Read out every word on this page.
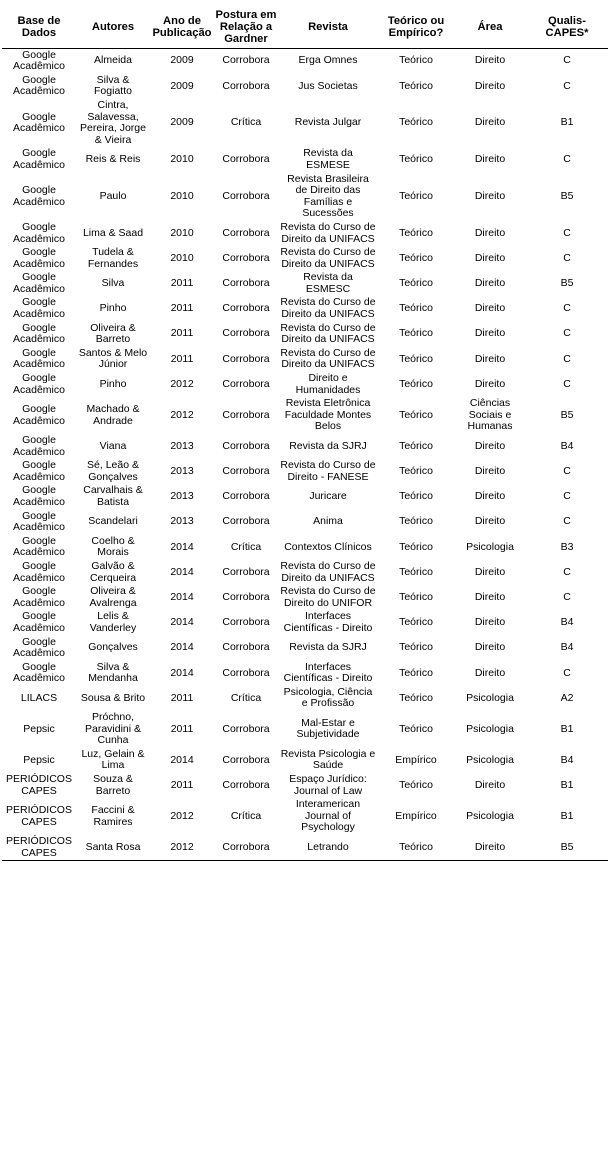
Base de Dados	Autores	Ano de Publicação	Postura em Relação a Gardner	Revista	Teórico ou Empírico?	Área	Qualis-CAPES*
Google Acadêmico	Almeida	2009	Corrobora	Erga Omnes	Teórico	Direito	C
Google Acadêmico	Silva & Fogiatto	2009	Corrobora	Jus Societas	Teórico	Direito	C
Google Acadêmico	Cintra, Salavessa, Pereira, Jorge & Vieira	2009	Crítica	Revista Julgar	Teórico	Direito	B1
Google Acadêmico	Reis & Reis	2010	Corrobora	Revista da ESMESE	Teórico	Direito	C
Google Acadêmico	Paulo	2010	Corrobora	Revista Brasileira de Direito das Famílias e Sucessões	Teórico	Direito	B5
Google Acadêmico	Lima & Saad	2010	Corrobora	Revista do Curso de Direito da UNIFACS	Teórico	Direito	C
Google Acadêmico	Tudela & Fernandes	2010	Corrobora	Revista do Curso de Direito da UNIFACS	Teórico	Direito	C
Google Acadêmico	Silva	2011	Corrobora	Revista da ESMESC	Teórico	Direito	B5
Google Acadêmico	Pinho	2011	Corrobora	Revista do Curso de Direito da UNIFACS	Teórico	Direito	C
Google Acadêmico	Oliveira & Barreto	2011	Corrobora	Revista do Curso de Direito da UNIFACS	Teórico	Direito	C
Google Acadêmico	Santos & Melo Júnior	2011	Corrobora	Revista do Curso de Direito da UNIFACS	Teórico	Direito	C
Google Acadêmico	Pinho	2012	Corrobora	Direito e Humanidades	Teórico	Direito	C
Google Acadêmico	Machado & Andrade	2012	Corrobora	Revista Eletrônica Faculdade Montes Belos	Teórico	Ciências Sociais e Humanas	B5
Google Acadêmico	Viana	2013	Corrobora	Revista da SJRJ	Teórico	Direito	B4
Google Acadêmico	Sé, Leão & Gonçalves	2013	Corrobora	Revista do Curso de Direito - FANESE	Teórico	Direito	C
Google Acadêmico	Carvalhais & Batista	2013	Corrobora	Juricare	Teórico	Direito	C
Google Acadêmico	Scandelari	2013	Corrobora	Anima	Teórico	Direito	C
Google Acadêmico	Coelho & Morais	2014	Crítica	Contextos Clínicos	Teórico	Psicologia	B3
Google Acadêmico	Galvão & Cerqueira	2014	Corrobora	Revista do Curso de Direito da UNIFACS	Teórico	Direito	C
Google Acadêmico	Oliveira & Avalrenga	2014	Corrobora	Revista do Curso de Direito do UNIFOR	Teórico	Direito	C
Google Acadêmico	Lelis & Vanderley	2014	Corrobora	Interfaces Científicas - Direito	Teórico	Direito	B4
Google Acadêmico	Gonçalves	2014	Corrobora	Revista da SJRJ	Teórico	Direito	B4
Google Acadêmico	Silva & Mendanha	2014	Corrobora	Interfaces Científicas - Direito	Teórico	Direito	C
LILACS	Sousa & Brito	2011	Crítica	Psicologia, Ciência e Profissão	Teórico	Psicologia	A2
Pepsic	Próchno, Paravidini & Cunha	2011	Corrobora	Mal-Estar e Subjetividade	Teórico	Psicologia	B1
Pepsic	Luz, Gelain & Lima	2014	Corrobora	Revista Psicologia e Saúde	Empírico	Psicologia	B4
PERIÓDICOS CAPES	Souza & Barreto	2011	Corrobora	Espaço Jurídico: Journal of Law	Teórico	Direito	B1
PERIÓDICOS CAPES	Faccini & Ramires	2012	Crítica	Interamerican Journal of Psychology	Empírico	Psicologia	B1
PERIÓDICOS CAPES	Santa Rosa	2012	Corrobora	Letrando	Teórico	Direito	B5
